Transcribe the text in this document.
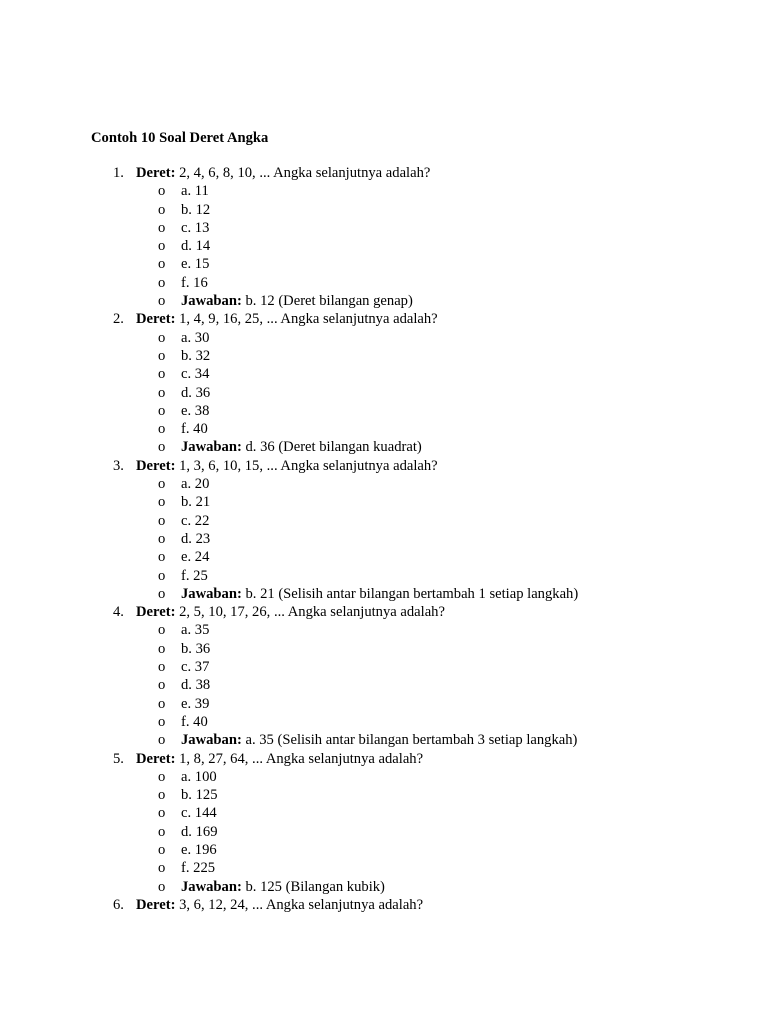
Contoh 10 Soal Deret Angka
1. Deret: 2, 4, 6, 8, 10, ... Angka selanjutnya adalah?
o a. 11
o b. 12
o c. 13
o d. 14
o e. 15
o f. 16
o Jawaban: b. 12 (Deret bilangan genap)
2. Deret: 1, 4, 9, 16, 25, ... Angka selanjutnya adalah?
o a. 30
o b. 32
o c. 34
o d. 36
o e. 38
o f. 40
o Jawaban: d. 36 (Deret bilangan kuadrat)
3. Deret: 1, 3, 6, 10, 15, ... Angka selanjutnya adalah?
o a. 20
o b. 21
o c. 22
o d. 23
o e. 24
o f. 25
o Jawaban: b. 21 (Selisih antar bilangan bertambah 1 setiap langkah)
4. Deret: 2, 5, 10, 17, 26, ... Angka selanjutnya adalah?
o a. 35
o b. 36
o c. 37
o d. 38
o e. 39
o f. 40
o Jawaban: a. 35 (Selisih antar bilangan bertambah 3 setiap langkah)
5. Deret: 1, 8, 27, 64, ... Angka selanjutnya adalah?
o a. 100
o b. 125
o c. 144
o d. 169
o e. 196
o f. 225
o Jawaban: b. 125 (Bilangan kubik)
6. Deret: 3, 6, 12, 24, ... Angka selanjutnya adalah?
